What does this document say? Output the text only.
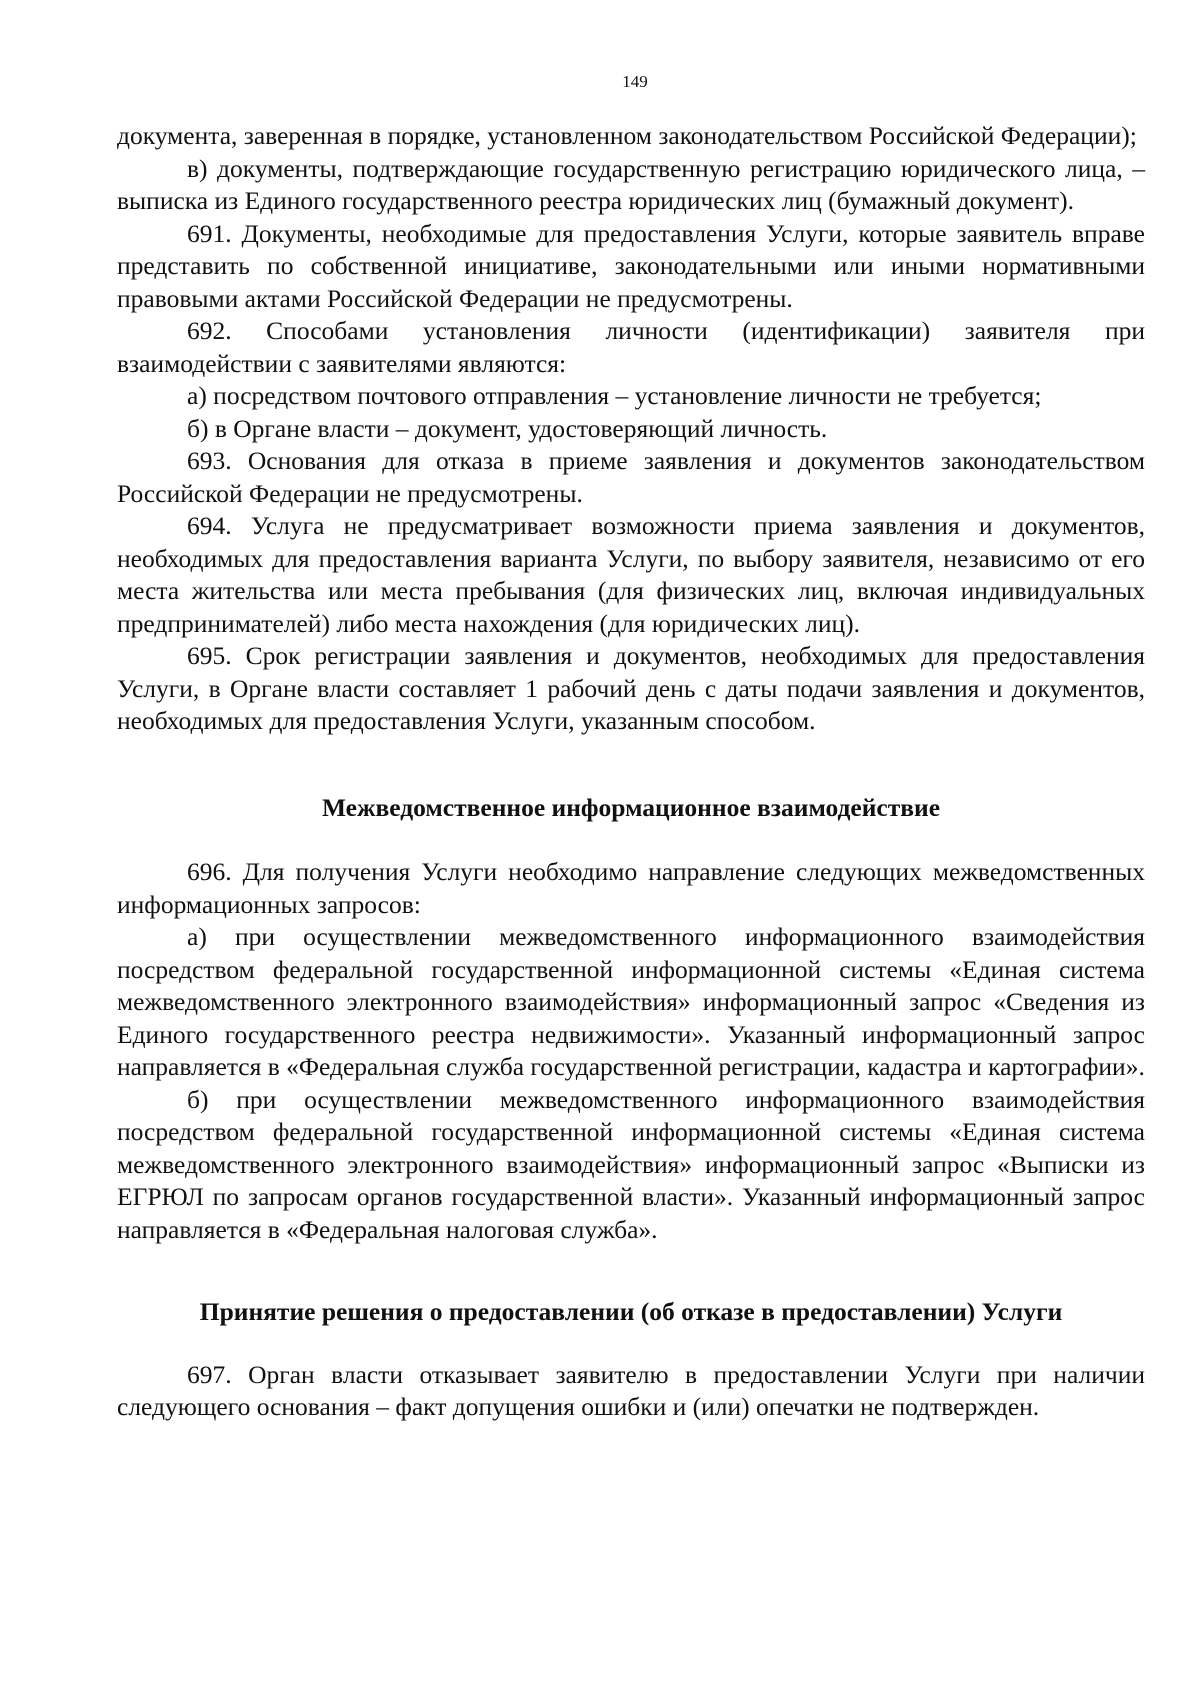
149

документа, заверенная в порядке, установленном законодательством Российской Федерации);

в) документы, подтверждающие государственную регистрацию юридического лица, – выписка из Единого государственного реестра юридических лиц (бумажный документ).

691. Документы, необходимые для предоставления Услуги, которые заявитель вправе представить по собственной инициативе, законодательными или иными нормативными правовыми актами Российской Федерации не предусмотрены.

692. Способами установления личности (идентификации) заявителя при взаимодействии с заявителями являются:

а) посредством почтового отправления – установление личности не требуется;

б) в Органе власти – документ, удостоверяющий личность.

693. Основания для отказа в приеме заявления и документов законодательством Российской Федерации не предусмотрены.

694. Услуга не предусматривает возможности приема заявления и документов, необходимых для предоставления варианта Услуги, по выбору заявителя, независимо от его места жительства или места пребывания (для физических лиц, включая индивидуальных предпринимателей) либо места нахождения (для юридических лиц).

695. Срок регистрации заявления и документов, необходимых для предоставления Услуги, в Органе власти составляет 1 рабочий день с даты подачи заявления и документов, необходимых для предоставления Услуги, указанным способом.

Межведомственное информационное взаимодействие

696. Для получения Услуги необходимо направление следующих межведомственных информационных запросов:

а) при осуществлении межведомственного информационного взаимодействия посредством федеральной государственной информационной системы «Единая система межведомственного электронного взаимодействия» информационный запрос «Сведения из Единого государственного реестра недвижимости». Указанный информационный запрос направляется в «Федеральная служба государственной регистрации, кадастра и картографии».

б) при осуществлении межведомственного информационного взаимодействия посредством федеральной государственной информационной системы «Единая система межведомственного электронного взаимодействия» информационный запрос «Выписки из ЕГРЮЛ по запросам органов государственной власти». Указанный информационный запрос направляется в «Федеральная налоговая служба».

Принятие решения о предоставлении (об отказе в предоставлении) Услуги

697. Орган власти отказывает заявителю в предоставлении Услуги при наличии следующего основания – факт допущения ошибки и (или) опечатки не подтвержден.
